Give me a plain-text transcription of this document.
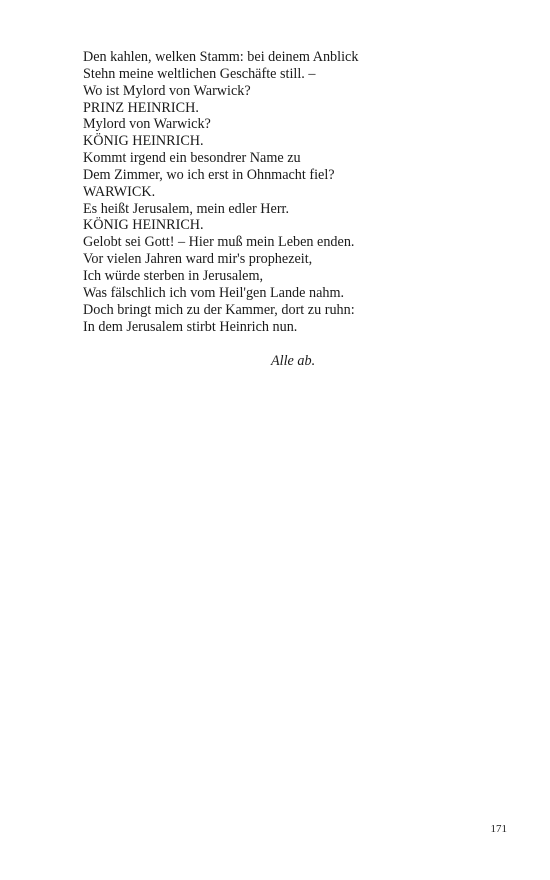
Den kahlen, welken Stamm: bei deinem Anblick
Stehn meine weltlichen Geschäfte still. –
Wo ist Mylord von Warwick?
PRINZ HEINRICH.
Mylord von Warwick?
KÖNIG HEINRICH.
Kommt irgend ein besondrer Name zu
Dem Zimmer, wo ich erst in Ohnmacht fiel?
WARWICK.
Es heißt Jerusalem, mein edler Herr.
KÖNIG HEINRICH.
Gelobt sei Gott! – Hier muß mein Leben enden.
Vor vielen Jahren ward mir's prophezeit,
Ich würde sterben in Jerusalem,
Was fälschlich ich vom Heil'gen Lande nahm.
Doch bringt mich zu der Kammer, dort zu ruhn:
In dem Jerusalem stirbt Heinrich nun.
Alle ab.
171
